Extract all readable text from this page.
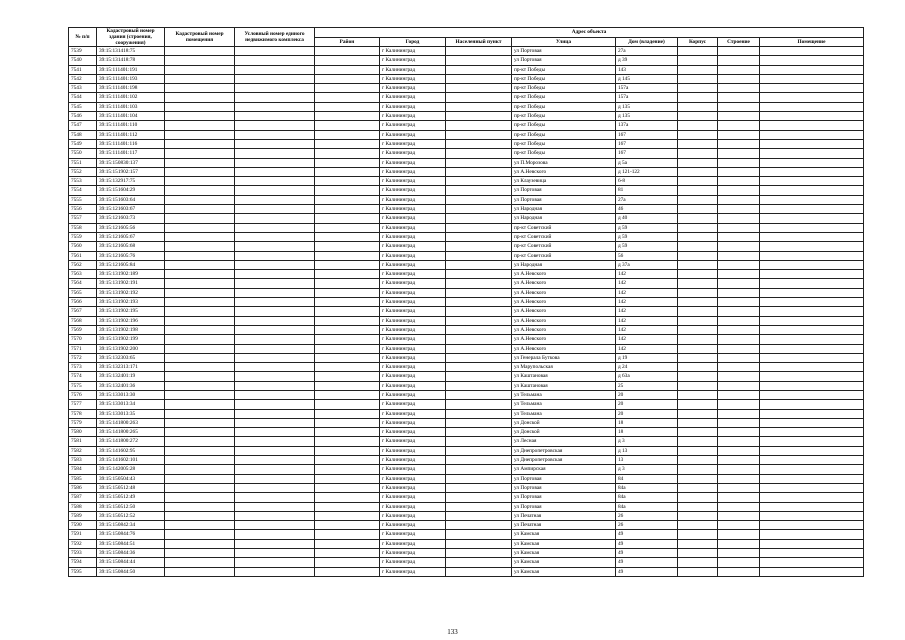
№ п/п	Кадастровый номер здания (строения, сооружения)	Кадастровый номер помещения	Условный номер единого недвижимого комплекса	Адрес объекта							
				Район	Город	Населенный пункт	Улица	Дом (владение)	Корпус	Строение	Помещение
7539	39:15:131418:75				г Калининград		ул Портовая	27а			
7540	39:15:131418:78				г Калининград		ул Портовая	д 39			
7541	39:15:111401:191				г Калининград		пр-кт Победы	143			
7542	39:15:111401:193				г Калининград		пр-кт Победы	д 145			
7543	39:15:111401:198				г Калининград		пр-кт Победы	157а			
7544	39:15:111401:102				г Калининград		пр-кт Победы	157а			
7545	39:15:111401:103				г Калининград		пр-кт Победы	д 135			
7546	39:15:111401:104				г Калининград		пр-кт Победы	д 135			
7547	39:15:111401:110				г Калининград		пр-кт Победы	137а			
7548	39:15:111401:112				г Калининград		пр-кт Победы	167			
7549	39:15:111401:116				г Калининград		пр-кт Победы	167			
7550	39:15:111401:117				г Калининград		пр-кт Победы	167			
7551	39:15:150830:137				г Калининград		ул П.Морозова	д 5а			
7552	39:15:151902:157				г Калининград		ул А.Невского	д 121-122			
7553	39:15:132917:75				г Калининград		ул Клаузевица	6-8			
7554	39:15:151604:29				г Калининград		ул Портовая	81			
7555	39:15:151603:64				г Калининград		ул Портовая	27а			
7556	39:15:121603:67				г Калининград		ул Народная	46			
7557	39:15:121603:73				г Калининград		ул Народная	д 40			
7558	39:15:121605:56				г Калининград		пр-кт Советский	д 59			
7559	39:15:121605:67				г Калининград		пр-кт Советский	д 59			
7560	39:15:121605:68				г Калининград		пр-кт Советский	д 59			
7561	39:15:121605:76				г Калининград		пр-кт Советский	56			
7562	39:15:121605:84				г Калининград		ул Народная	д 37а			
7563	39:15:131902:189				г Калининград		ул А.Невского	142			
7564	39:15:131902:191				г Калининград		ул А.Невского	142			
7565	39:15:131902:192				г Калининград		ул А.Невского	142			
7566	39:15:131902:193				г Калининград		ул А.Невского	142			
7567	39:15:131902:195				г Калининград		ул А.Невского	142			
7568	39:15:131902:196				г Калининград		ул А.Невского	142			
7569	39:15:131902:198				г Калининград		ул А.Невского	142			
7570	39:15:131902:199				г Калининград		ул А.Невского	142			
7571	39:15:131902:200				г Калининград		ул А.Невского	142			
7572	39:15:132303:65				г Калининград		ул Генерала Буткова	д 19			
7573	39:15:132313:171				г Калининград		ул Марупольская	д 24			
7574	39:15:132401:19				г Калининград		ул Каштановая	д 63а			
7575	39:15:132401:36				г Калининград		ул Каштановая	25			
7576	39:15:133013:30				г Калининград		ул Тельмана	20			
7577	39:15:133013:34				г Калининград		ул Тельмана	20			
7578	39:15:133013:35				г Калининград		ул Тельмана	20			
7579	39:15:141800:263				г Калининград		ул Донской	18			
7580	39:15:141800:265				г Калининград		ул Донской	18			
7581	39:15:141800:272				г Калининград		ул Лесная	д 3			
7582	39:15:141602:95				г Калининград		ул Днепропетровская	д 13			
7583	39:15:141602:101				г Калининград		ул Днепропетровская	13			
7584	39:15:142005:28				г Калининград		ул Ампирская	д 3			
7585	39:15:150504:43				г Калининград		ул Портовая	84			
7586	39:15:150512:48				г Калининград		ул Портовая	84а			
7587	39:15:150512:49				г Калининград		ул Портовая	84а			
7588	39:15:150512:50				г Калининград		ул Портовая	84а			
7589	39:15:150512:52				г Калининград		ул Печатная	26			
7590	39:15:150842:34				г Калининград		ул Печатная	26			
7591	39:15:150844:76				г Калининград		ул Камская	49			
7592	39:15:150844:51				г Калининград		ул Камская	49			
7593	39:15:150844:36				г Калининград		ул Камская	49			
7594	39:15:150844:44				г Калининград		ул Камская	49			
7595	39:15:150844:50				г Калининград		ул Камская	49			
133
